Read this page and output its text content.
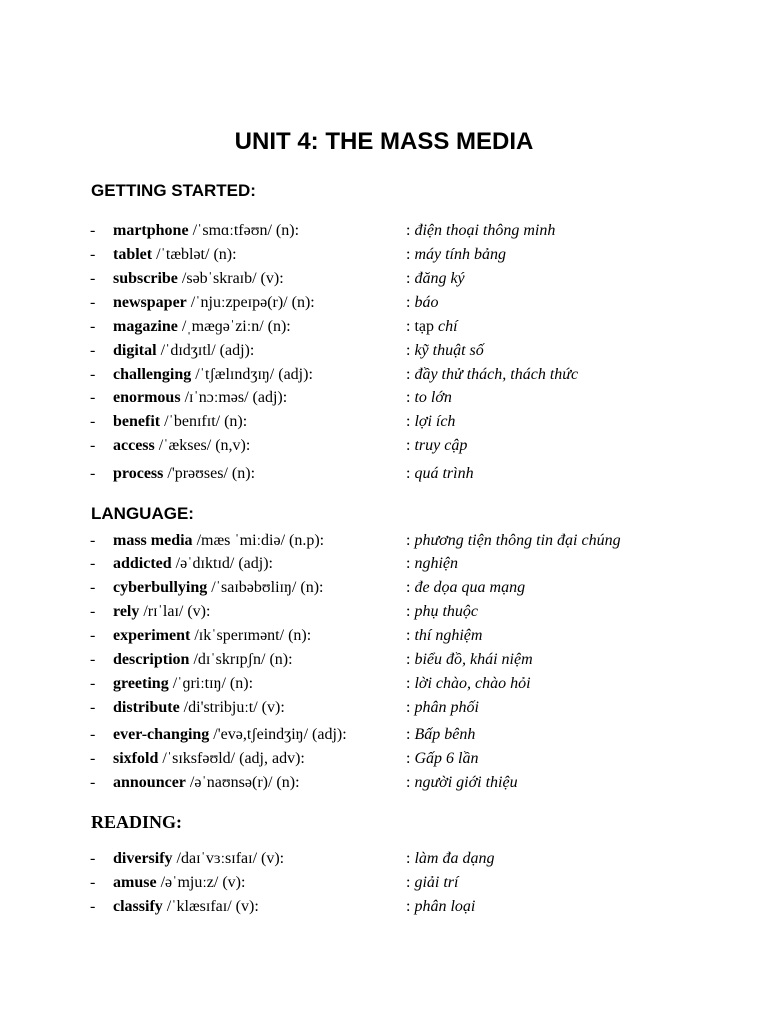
UNIT 4: THE MASS MEDIA
GETTING STARTED:
- martphone /ˈsmɑːtfəʊn/ (n):	: điện thoại thông minh
- tablet /ˈtæblət/ (n):	: máy tính bảng
- subscribe /səbˈskraɪb/ (v):	: đăng ký
- newspaper /ˈnjuːzpeɪpə(r)/ (n):	: báo
- magazine /ˌmæɡəˈziːn/ (n):	: tạp chí
- digital /ˈdɪdʒɪtl/ (adj):	: kỹ thuật số
- challenging /ˈtʃælɪndʒɪŋ/ (adj):	: đầy thử thách, thách thức
- enormous /ɪˈnɔːməs/ (adj):	: to lớn
- benefit /ˈbenɪfɪt/ (n):	: lợi ích
- access /ˈækses/ (n,v):	: truy cập
- process /'prəʊses/ (n):	: quá trình
LANGUAGE:
- mass media /mæs ˈmiːdiə/ (n.p):	: phương tiện thông tin đại chúng
- addicted /əˈdɪktɪd/ (adj):	: nghiện
- cyberbullying /ˈsaɪbəbʊliɪŋ/ (n):	: đe dọa qua mạng
- rely /rɪˈlaɪ/ (v):	: phụ thuộc
- experiment /ɪkˈsperɪmənt/ (n):	: thí nghiệm
- description /dɪˈskrɪpʃn/ (n):	: biểu đồ, khái niệm
- greeting /ˈɡriːtɪŋ/ (n):	: lời chào, chào hỏi
- distribute /di'stribjuːt/ (v):	: phân phối
- ever-changing /'evə,tʃeindʒiŋ/ (adj):	: Bấp bênh
- sixfold /ˈsɪksfəʊld/ (adj, adv):	: Gấp 6 lần
- announcer /əˈnaʊnsə(r)/ (n):	: người giới thiệu
READING:
- diversify /daɪˈvɜːsɪfaɪ/ (v):	: làm đa dạng
- amuse /əˈmjuːz/ (v):	: giải trí
- classify /ˈklæsɪfaɪ/ (v):	: phân loại
